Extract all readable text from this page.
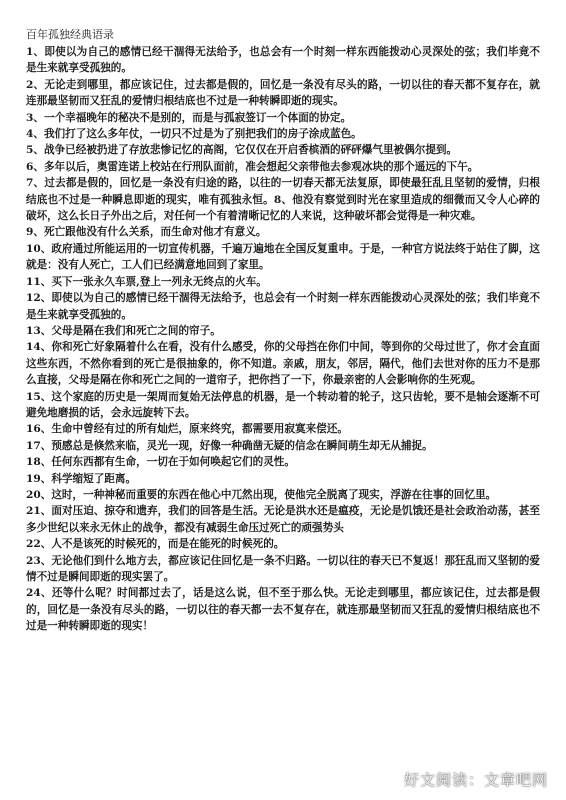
百年孤独经典语录

1、即使以为自己的感情已经干涸得无法给予，也总会有一个时刻一样东西能拨动心灵深处的弦；我们毕竟不是生来就享受孤独的。

2、无论走到哪里，都应该记住，过去都是假的，回忆是一条没有尽头的路，一切以往的春天都不复存在，就连那最坚韧而又狂乱的爱情归根结底也不过是一种转瞬即逝的现实。

3、一个幸福晚年的秘决不是别的，而是与孤寂签订一个体面的协定。

4、我们打了这么多年仗，一切只不过是为了别把我们的房子涂成蓝色。

5、战争已经被扔进了存放悲惨记忆的高阁，它仅仅在开启香槟酒的砰砰爆气里被偶尔提到。

6、多年以后，奥雷连诺上校站在行刑队面前，准会想起父亲带他去参观冰块的那个遥远的下午。

7、过去都是假的，回忆是一条没有归途的路，以往的一切春天都无法复原，即使最狂乱且坚韧的爱情，归根结底也不过是一种瞬息即逝的现实，唯有孤独永恒。8、他没有察觉到时光在家里造成的细微而又令人心碎的破坏，这么长日子外出之后，对任何一个有着清晰记忆的人来说，这种破坏都会觉得是一种灾难。

9、死亡跟他没有什么关系，而生命对他才有意义。

10、政府通过所能运用的一切宣传机器，千遍万遍地在全国反复重申。于是，一种官方说法终于站住了脚，这就是：没有人死亡，工人们已经满意地回到了家里。

11、买下一张永久车票,登上一列永无终点的火车。

12、即使以为自己的感情已经干涸得无法给予，也总会有一个时刻一样东西能拨动心灵深处的弦；我们毕竟不是生来就享受孤独的。

13、父母是隔在我们和死亡之间的帘子。

14、你和死亡好象隔着什么在看，没有什么感受，你的父母挡在你们中间，等到你的父母过世了，你才会直面这些东西，不然你看到的死亡是很抽象的，你不知道。亲戚，朋友，邻居，隔代，他们去世对你的压力不是那么直接，父母是隔在你和死亡之间的一道帘子，把你挡了一下，你最亲密的人会影响你的生死观。

15、这个家庭的历史是一架周而复始无法停息的机器，是一个转动着的轮子，这只齿轮，要不是轴会逐渐不可避免地磨损的话，会永远旋转下去。

16、生命中曾经有过的所有灿烂，原来终究，都需要用寂寞来偿还。

17、预感总是倏然来临，灵光一现，好像一种确凿无疑的信念在瞬间萌生却无从捕捉。

18、任何东西都有生命，一切在于如何唤起它们的灵性。

19、科学缩短了距离。

20、这时，一种神秘而重要的东西在他心中兀然出现，使他完全脱离了现实，浮游在往事的回忆里。

21、面对压迫、掠夺和遗弃，我们的回答是生活。无论是洪水还是瘟疫，无论是饥饿还是社会政治动荡，甚至多少世纪以来永无休止的战争，都没有减弱生命压过死亡的顽强势头

22、人不是该死的时候死的，而是在能死的时候死的。

23、无论他们到什么地方去，都应该记住回忆是一条不归路。一切以往的春天已不复返！那狂乱而又坚韧的爱情不过是瞬间即逝的现实罢了。

24、还等什么呢？时间都过去了，话是这么说，但不至于那么快。无论走到哪里，都应该记住，过去都是假的，回忆是一条没有尽头的路，一切以往的春天都一去不复存在，就连那最坚韧而又狂乱的爱情归根结底也不过是一种转瞬即逝的现实！

好文阅读：文章吧网
